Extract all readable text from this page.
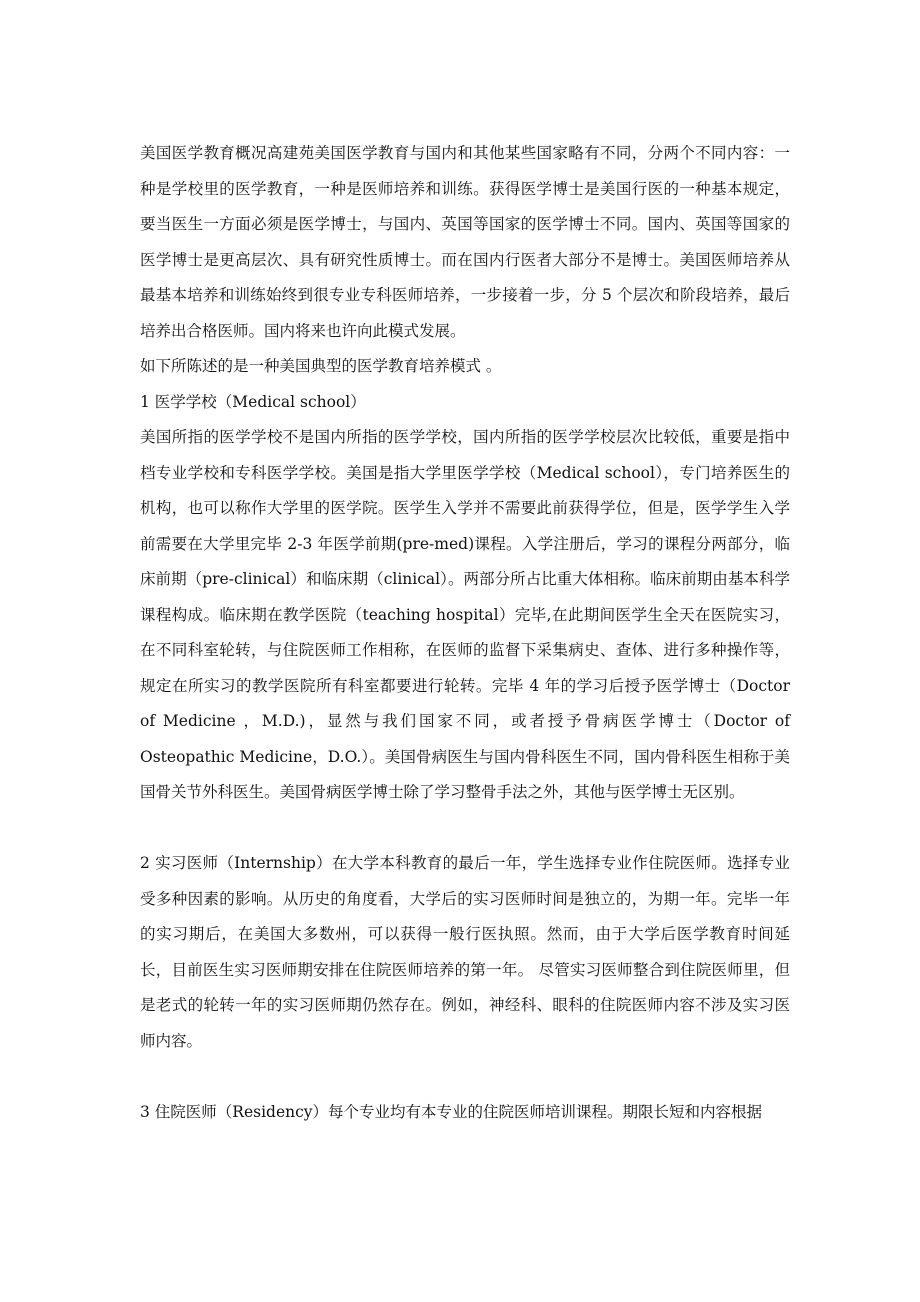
美国医学教育概况高建苑美国医学教育与国内和其他某些国家略有不同，分两个不同内容：一种是学校里的医学教育，一种是医师培养和训练。获得医学博士是美国行医的一种基本规定，要当医生一方面必须是医学博士，与国内、英国等国家的医学博士不同。国内、英国等国家的医学博士是更高层次、具有研究性质博士。而在国内行医者大部分不是博士。美国医师培养从最基本培养和训练始终到很专业专科医师培养，一步接着一步，分 5 个层次和阶段培养，最后培养出合格医师。国内将来也许向此模式发展。

如下所陈述的是一种美国典型的医学教育培养模式 。

1 医学学校（Medical school）

美国所指的医学学校不是国内所指的医学学校，国内所指的医学学校层次比较低，重要是指中档专业学校和专科医学学校。美国是指大学里医学学校（Medical school），专门培养医生的机构，也可以称作大学里的医学院。医学生入学并不需要此前获得学位，但是，医学学生入学前需要在大学里完毕 2-3 年医学前期(pre-med)课程。入学注册后，学习的课程分两部分，临床前期（pre-clinical）和临床期（clinical）。两部分所占比重大体相称。临床前期由基本科学课程构成。临床期在教学医院（teaching hospital）完毕,在此期间医学生全天在医院实习，在不同科室轮转，与住院医师工作相称，在医师的监督下采集病史、查体、进行多种操作等，规定在所实习的教学医院所有科室都要进行轮转。完毕 4 年的学习后授予医学博士（Doctor of Medicine ，M.D.)，显然与我们国家不同，或者授予骨病医学博士（Doctor of Osteopathic Medicine，D.O.）。美国骨病医生与国内骨科医生不同，国内骨科医生相称于美国骨关节外科医生。美国骨病医学博士除了学习整骨手法之外，其他与医学博士无区别。

2 实习医师（Internship）在大学本科教育的最后一年，学生选择专业作住院医师。选择专业受多种因素的影响。从历史的角度看，大学后的实习医师时间是独立的，为期一年。完毕一年的实习期后，在美国大多数州，可以获得一般行医执照。然而，由于大学后医学教育时间延长，目前医生实习医师期安排在住院医师培养的第一年。 尽管实习医师整合到住院医师里，但是老式的轮转一年的实习医师期仍然存在。例如，神经科、眼科的住院医师内容不涉及实习医师内容。

3 住院医师（Residency）每个专业均有本专业的住院医师培训课程。期限长短和内容根据
